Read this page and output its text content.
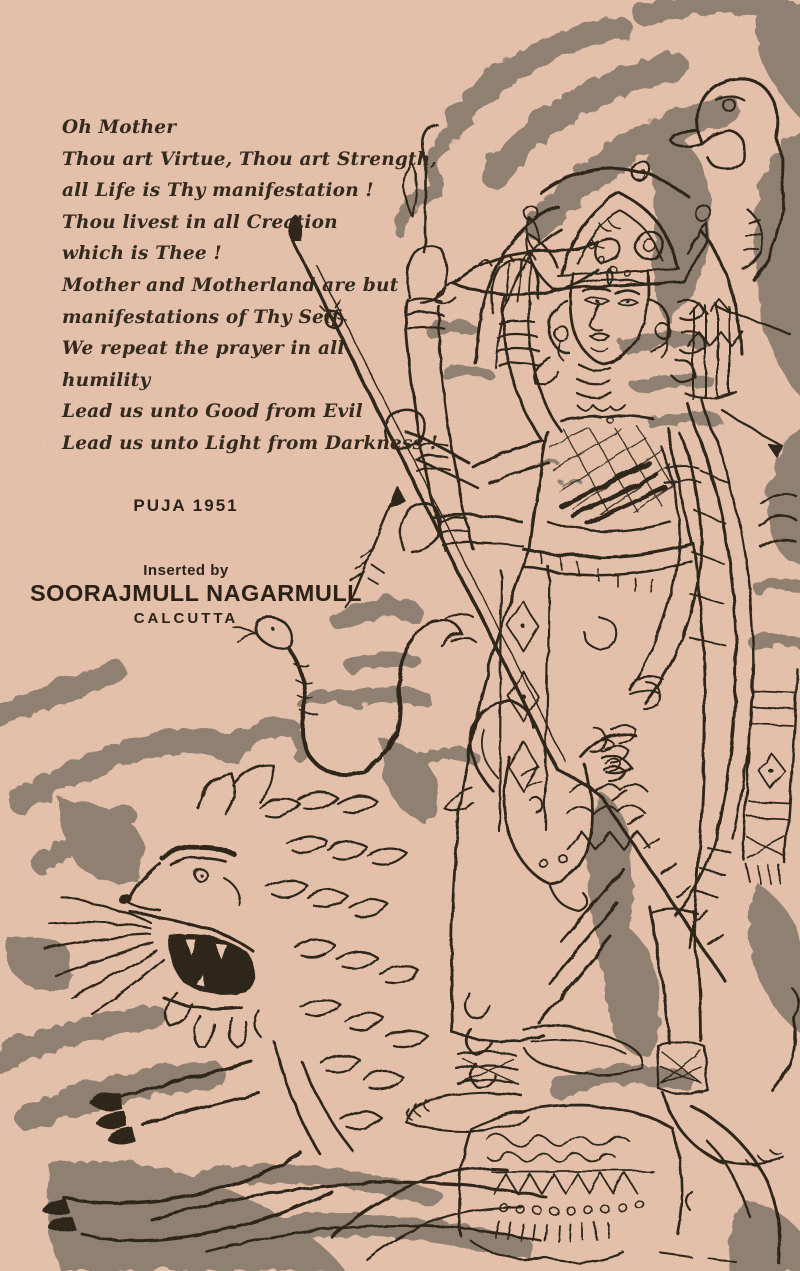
Oh Mother
Thou art Virtue, Thou art Strength,
all Life is Thy manifestation !
Thou livest in all Creation
which is Thee !
Mother and Motherland are but
manifestations of Thy Self
We repeat the prayer in all
humility
Lead us unto Good from Evil
Lead us unto Light from Darkness !
PUJA 1951
Inserted by
SOORAJMULL NAGARMULL
CALCUTTA
